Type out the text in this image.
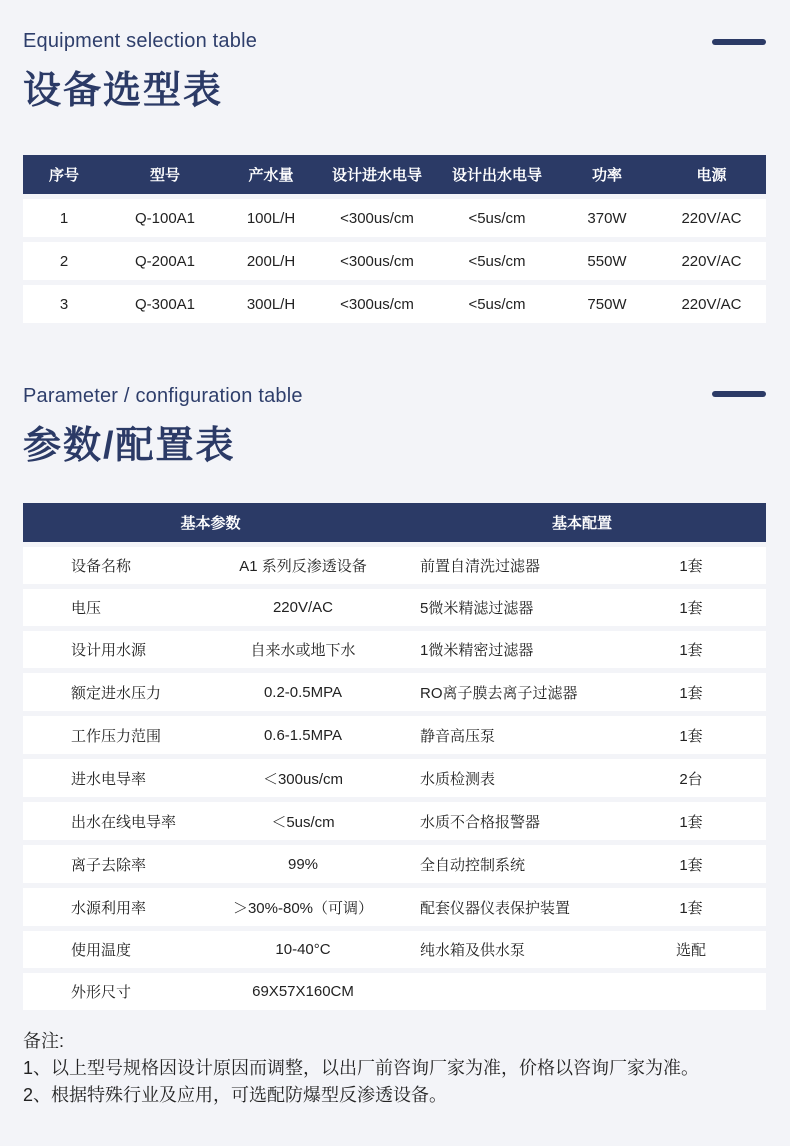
Equipment selection table
设备选型表
序号	型号	产水量	设计进水电导	设计出水电导	功率	电源
1	Q-100A1	100L/H	<300us/cm	<5us/cm	370W	220V/AC
2	Q-200A1	200L/H	<300us/cm	<5us/cm	550W	220V/AC
3	Q-300A1	300L/H	<300us/cm	<5us/cm	750W	220V/AC
Parameter / configuration table
参数/配置表
基本参数		基本配置	
设备名称	A1 系列反渗透设备	前置自清洗过滤器	1套
电压	220V/AC	5微米精滤过滤器	1套
设计用水源	自来水或地下水	1微米精密过滤器	1套
额定进水压力	0.2-0.5MPA	RO离子膜去离子过滤器	1套
工作压力范围	0.6-1.5MPA	静音高压泵	1套
进水电导率	＜300us/cm	水质检测表	2台
出水在线电导率	＜5us/cm	水质不合格报警器	1套
离子去除率	99%	全自动控制系统	1套
水源利用率	＞30%-80%（可调）	配套仪器仪表保护装置	1套
使用温度	10-40°C	纯水箱及供水泵	选配
外形尺寸	69X57X160CM		
备注:
1、以上型号规格因设计原因而调整，以出厂前咨询厂家为准，价格以咨询厂家为准。
2、根据特殊行业及应用，可选配防爆型反渗透设备。
